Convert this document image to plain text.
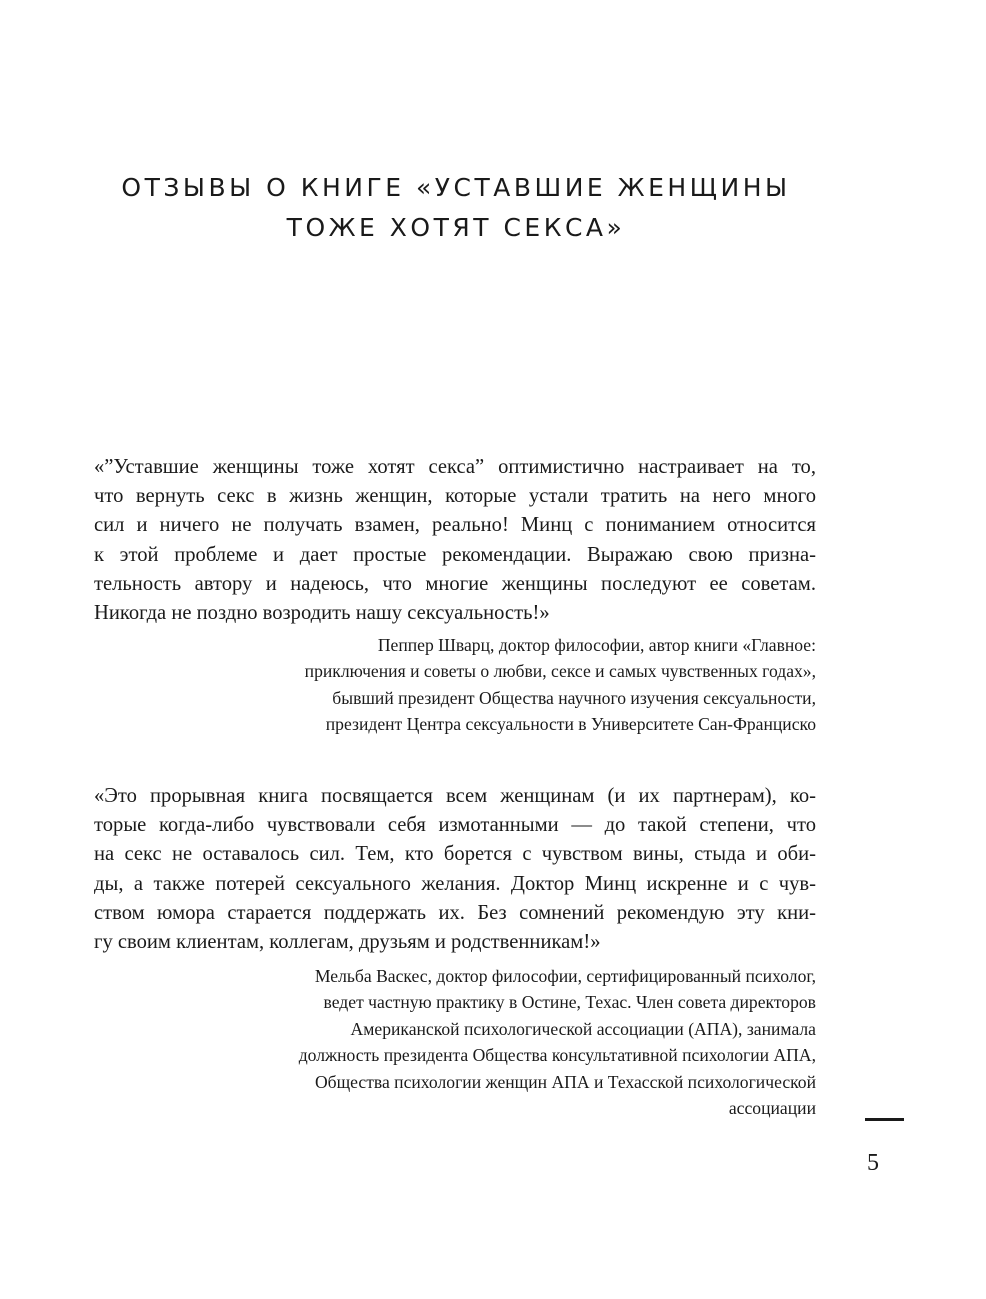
ОТЗЫВЫ О КНИГЕ «УСТАВШИЕ ЖЕНЩИНЫ
ТОЖЕ ХОТЯТ СЕКСА»
«”Уставшие женщины тоже хотят секса” оптимистично настраивает на то,
что вернуть секс в жизнь женщин, которые устали тратить на него много
сил и ничего не получать взамен, реально! Минц с пониманием относится
к этой проблеме и дает простые рекомендации. Выражаю свою призна-
тельность автору и надеюсь, что многие женщины последуют ее советам.
Никогда не поздно возродить нашу сексуальность!»
Пеппер Шварц, доктор философии, автор книги «Главное:
приключения и советы о любви, сексе и самых чувственных годах»,
бывший президент Общества научного изучения сексуальности,
президент Центра сексуальности в Университете Сан-Франциско
«Это прорывная книга посвящается всем женщинам (и их партнерам), ко-
торые когда-либо чувствовали себя измотанными — до такой степени, что
на секс не оставалось сил. Тем, кто борется с чувством вины, стыда и оби-
ды, а также потерей сексуального желания. Доктор Минц искренне и с чув-
ством юмора старается поддержать их. Без сомнений рекомендую эту кни-
гу своим клиентам, коллегам, друзьям и родственникам!»
Мельба Васкес, доктор философии, сертифицированный психолог,
ведет частную практику в Остине, Техас. Член совета директоров
Американской психологической ассоциации (АПА), занимала
должность президента Общества консультативной психологии АПА,
Общества психологии женщин АПА и Техасской психологической
ассоциации
5
